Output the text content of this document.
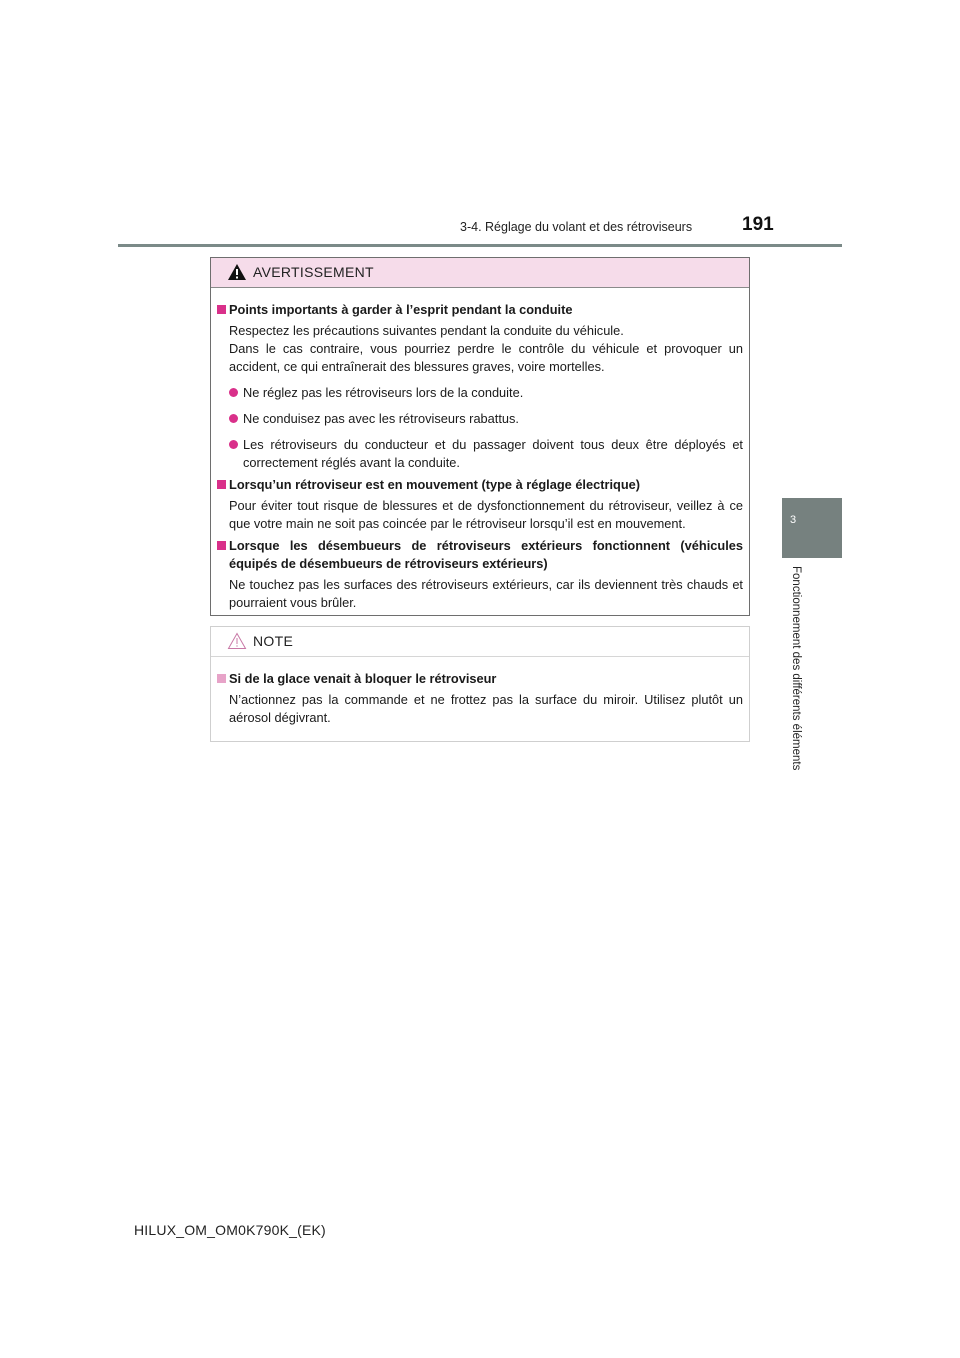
3-4. Réglage du volant et des rétroviseurs	191
3
Fonctionnement des différents éléments
AVERTISSEMENT
Points importants à garder à l’esprit pendant la conduite
Respectez les précautions suivantes pendant la conduite du véhicule.
Dans le cas contraire, vous pourriez perdre le contrôle du véhicule et provoquer un accident, ce qui entraînerait des blessures graves, voire mortelles.
Ne réglez pas les rétroviseurs lors de la conduite.
Ne conduisez pas avec les rétroviseurs rabattus.
Les rétroviseurs du conducteur et du passager doivent tous deux être déployés et correctement réglés avant la conduite.
Lorsqu’un rétroviseur est en mouvement (type à réglage électrique)
Pour éviter tout risque de blessures et de dysfonctionnement du rétroviseur, veillez à ce que votre main ne soit pas coincée par le rétroviseur lorsqu’il est en mouvement.
Lorsque les désembueurs de rétroviseurs extérieurs fonctionnent (véhicules équipés de désembueurs de rétroviseurs extérieurs)
Ne touchez pas les surfaces des rétroviseurs extérieurs, car ils deviennent très chauds et pourraient vous brûler.
NOTE
Si de la glace venait à bloquer le rétroviseur
N’actionnez pas la commande et ne frottez pas la surface du miroir. Utilisez plutôt un aérosol dégivrant.
HILUX_OM_OM0K790K_(EK)
